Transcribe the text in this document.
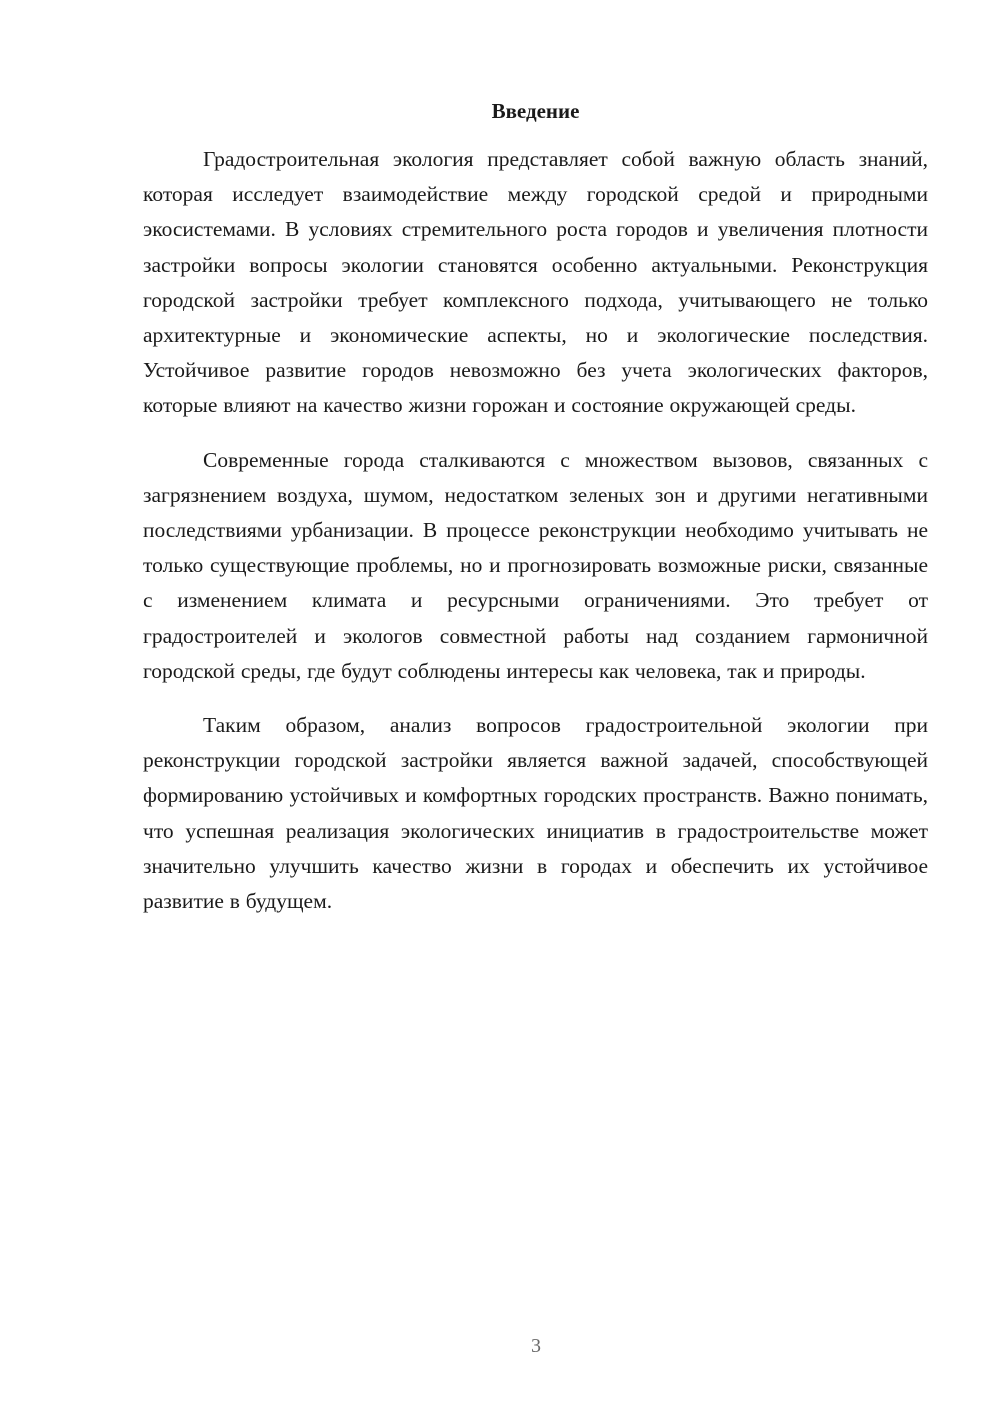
Введение

Градостроительная экология представляет собой важную область знаний, которая исследует взаимодействие между городской средой и природными экосистемами. В условиях стремительного роста городов и увеличения плотности застройки вопросы экологии становятся особенно актуальными. Реконструкция городской застройки требует комплексного подхода, учитывающего не только архитектурные и экономические аспекты, но и экологические последствия. Устойчивое развитие городов невозможно без учета экологических факторов, которые влияют на качество жизни горожан и состояние окружающей среды.

Современные города сталкиваются с множеством вызовов, связанных с загрязнением воздуха, шумом, недостатком зеленых зон и другими негативными последствиями урбанизации. В процессе реконструкции необходимо учитывать не только существующие проблемы, но и прогнозировать возможные риски, связанные с изменением климата и ресурсными ограничениями. Это требует от градостроителей и экологов совместной работы над созданием гармоничной городской среды, где будут соблюдены интересы как человека, так и природы.

Таким образом, анализ вопросов градостроительной экологии при реконструкции городской застройки является важной задачей, способствующей формированию устойчивых и комфортных городских пространств. Важно понимать, что успешная реализация экологических инициатив в градостроительстве может значительно улучшить качество жизни в городах и обеспечить их устойчивое развитие в будущем.

3
